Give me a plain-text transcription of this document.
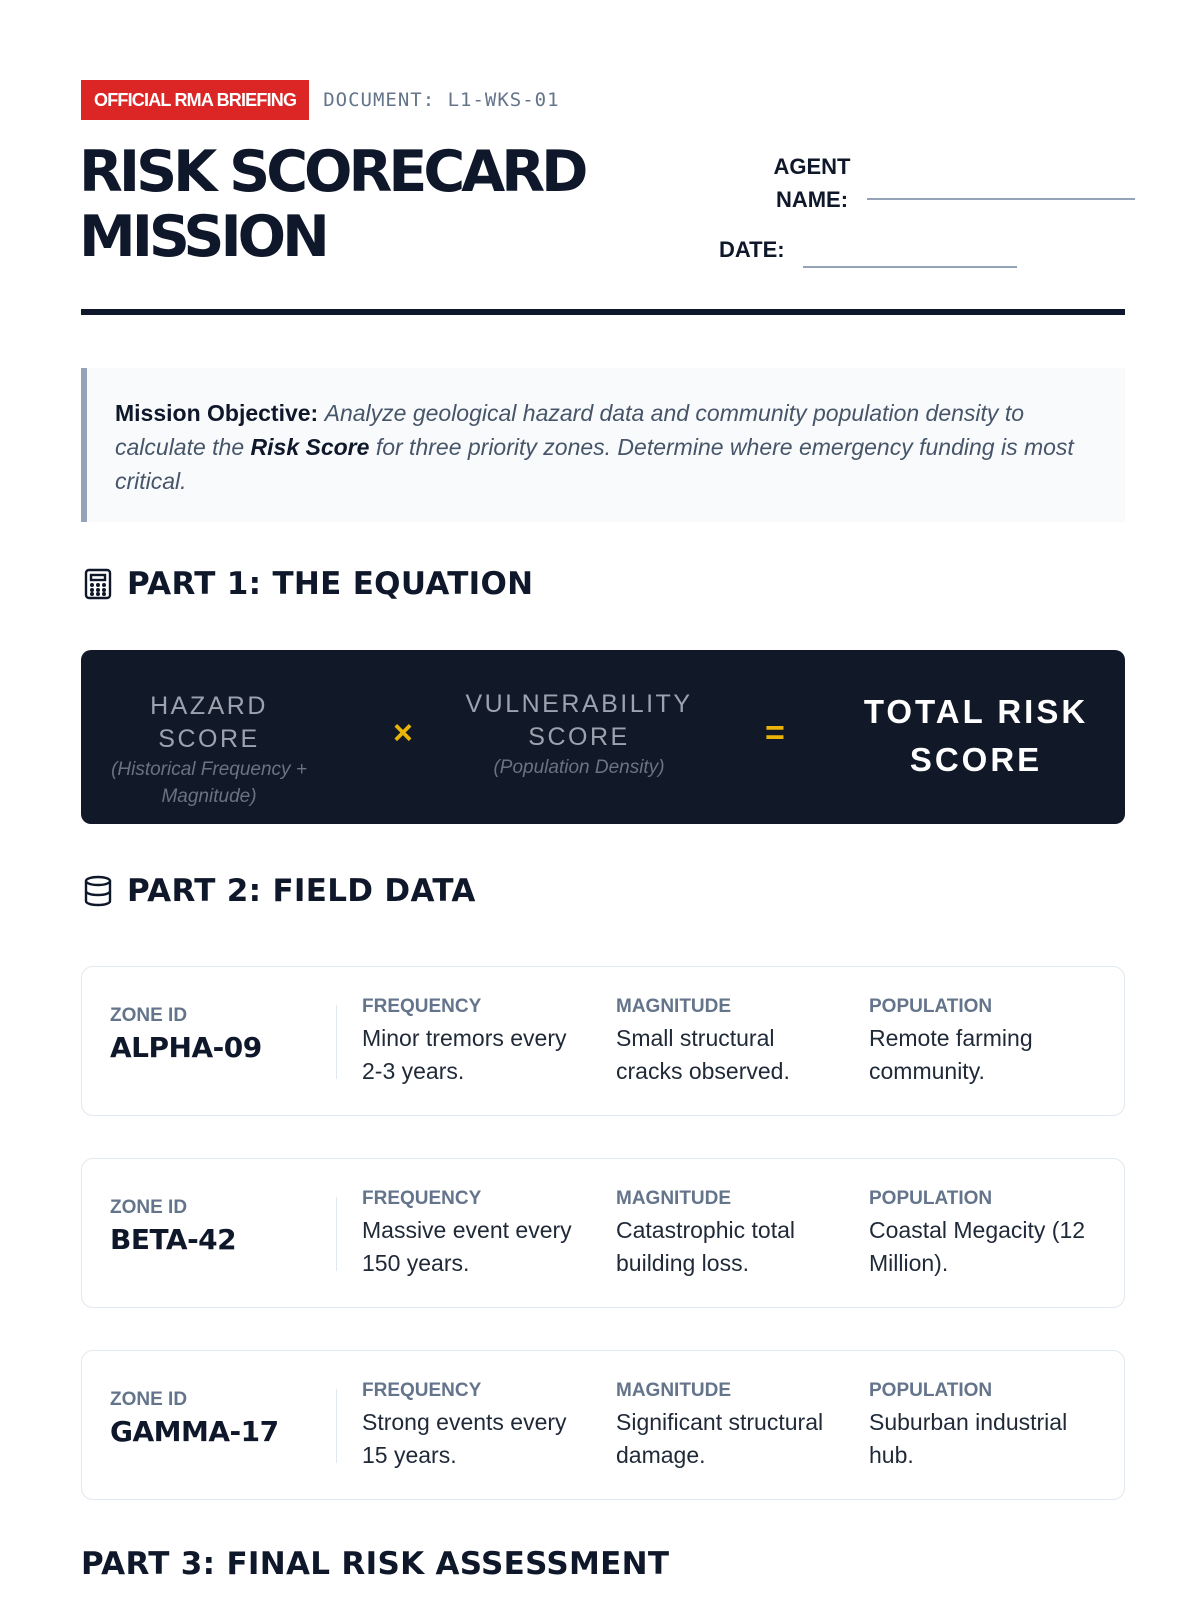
OFFICIAL RMA BRIEFING	DOCUMENT: L1-WKS-01
RISK SCORECARD
MISSION
AGENT
NAME:
DATE:
Mission Objective: Analyze geological hazard data and community population density to calculate the Risk Score for three priority zones. Determine where emergency funding is most critical.
PART 1: THE EQUATION
HAZARD SCORE
(Historical Frequency +
Magnitude)
×
VULNERABILITY
SCORE
(Population Density)
=
TOTAL RISK
SCORE
PART 2: FIELD DATA
ZONE ID
ALPHA-09
FREQUENCY
Minor tremors every 2-3 years.
MAGNITUDE
Small structural cracks observed.
POPULATION
Remote farming community.
ZONE ID
BETA-42
FREQUENCY
Massive event every 150 years.
MAGNITUDE
Catastrophic total building loss.
POPULATION
Coastal Megacity (12 Million).
ZONE ID
GAMMA-17
FREQUENCY
Strong events every 15 years.
MAGNITUDE
Significant structural damage.
POPULATION
Suburban industrial hub.
PART 3: FINAL RISK ASSESSMENT
